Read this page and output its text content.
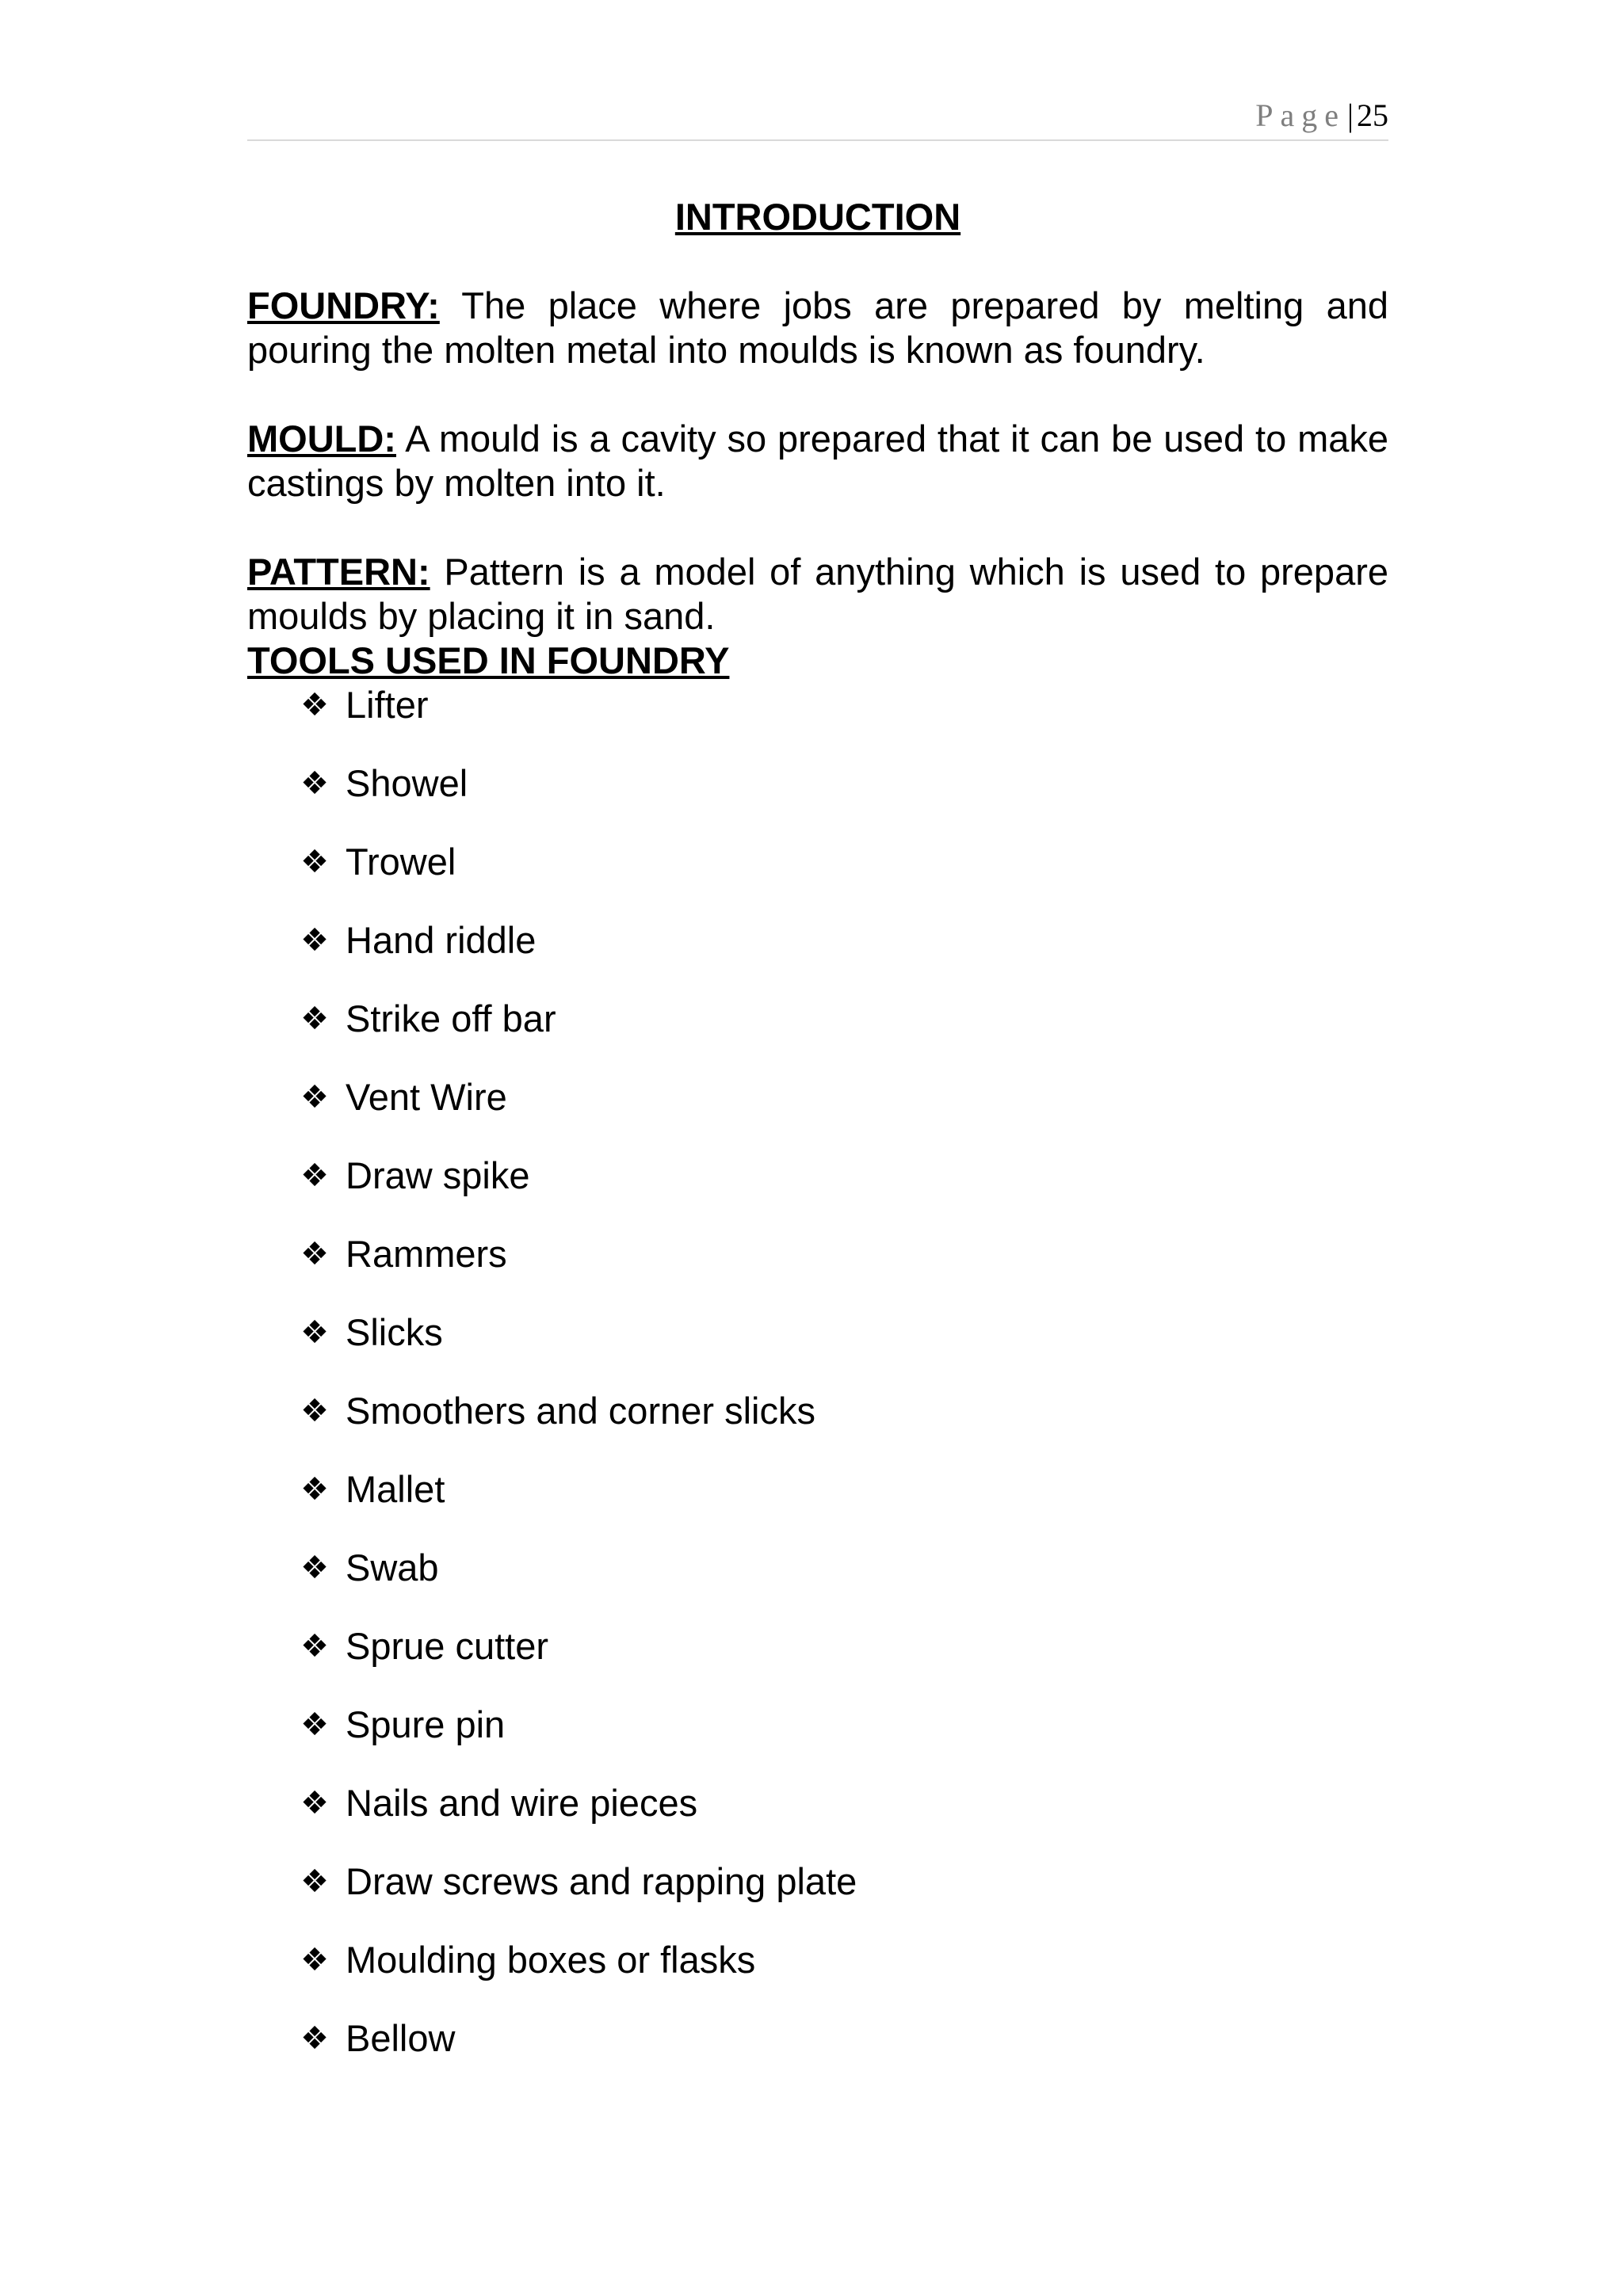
Page| 25

INTRODUCTION

FOUNDRY: The place where jobs are prepared by melting and pouring the molten metal into moulds is known as foundry.

MOULD: A mould is a cavity so prepared that it can be used to make castings by molten into it.

PATTERN: Pattern is a model of anything which is used to prepare moulds by placing it in sand.

TOOLS USED IN FOUNDRY

❖ Lifter
❖ Showel
❖ Trowel
❖ Hand riddle
❖ Strike off bar
❖ Vent Wire
❖ Draw spike
❖ Rammers
❖ Slicks
❖ Smoothers and corner slicks
❖ Mallet
❖ Swab
❖ Sprue cutter
❖ Spure pin
❖ Nails and wire pieces
❖ Draw screws and rapping plate
❖ Moulding boxes or flasks
❖ Bellow
